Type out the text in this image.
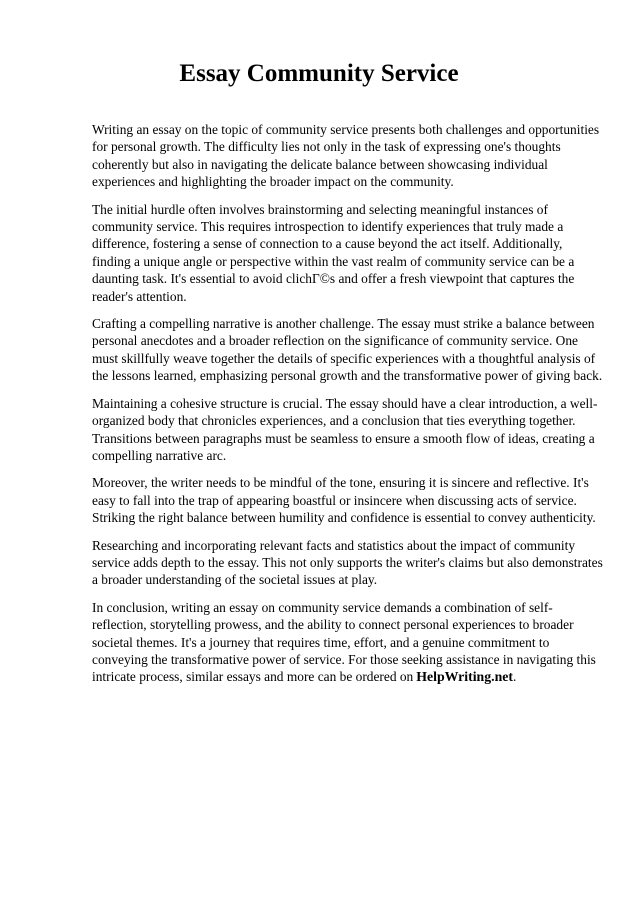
Essay Community Service

Writing an essay on the topic of community service presents both challenges and opportunities for personal growth. The difficulty lies not only in the task of expressing one's thoughts coherently but also in navigating the delicate balance between showcasing individual experiences and highlighting the broader impact on the community.

The initial hurdle often involves brainstorming and selecting meaningful instances of community service. This requires introspection to identify experiences that truly made a difference, fostering a sense of connection to a cause beyond the act itself. Additionally, finding a unique angle or perspective within the vast realm of community service can be a daunting task. It's essential to avoid clichГ©s and offer a fresh viewpoint that captures the reader's attention.

Crafting a compelling narrative is another challenge. The essay must strike a balance between personal anecdotes and a broader reflection on the significance of community service. One must skillfully weave together the details of specific experiences with a thoughtful analysis of the lessons learned, emphasizing personal growth and the transformative power of giving back.

Maintaining a cohesive structure is crucial. The essay should have a clear introduction, a well-organized body that chronicles experiences, and a conclusion that ties everything together. Transitions between paragraphs must be seamless to ensure a smooth flow of ideas, creating a compelling narrative arc.

Moreover, the writer needs to be mindful of the tone, ensuring it is sincere and reflective. It's easy to fall into the trap of appearing boastful or insincere when discussing acts of service. Striking the right balance between humility and confidence is essential to convey authenticity.

Researching and incorporating relevant facts and statistics about the impact of community service adds depth to the essay. This not only supports the writer's claims but also demonstrates a broader understanding of the societal issues at play.

In conclusion, writing an essay on community service demands a combination of self-reflection, storytelling prowess, and the ability to connect personal experiences to broader societal themes. It's a journey that requires time, effort, and a genuine commitment to conveying the transformative power of service. For those seeking assistance in navigating this intricate process, similar essays and more can be ordered on HelpWriting.net.
